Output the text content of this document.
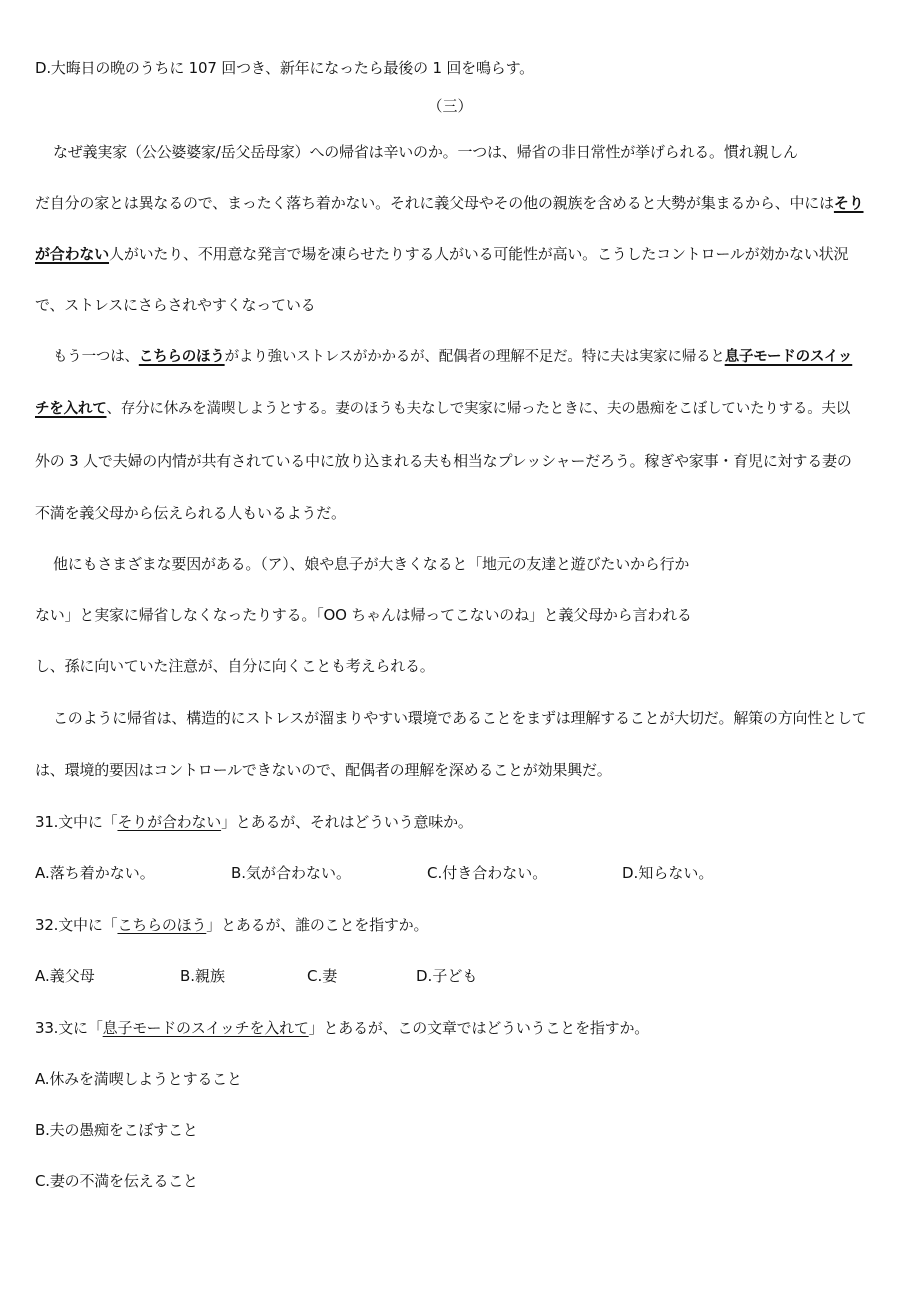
D.大晦日の晩のうちに 107 回つき、新年になったら最後の 1 回を鳴らす。
（三）
なぜ義実家（公公婆婆家/岳父岳母家）への帰省は辛いのか。一つは、帰省の非日常性が挙げられる。慣れ親しん
だ自分の家とは異なるので、まったく落ち着かない。それに義父母やその他の親族を含めると大勢が集まるから、中にはそり
が合わない人がいたり、不用意な発言で場を凍らせたりする人がいる可能性が高い。こうしたコントロールが効かない状況
で、ストレスにさらされやすくなっている
もう一つは、こちらのほうがより強いストレスがかかるが、配偶者の理解不足だ。特に夫は実家に帰ると息子モードのスイッ
チを入れて、存分に休みを満喫しようとする。妻のほうも夫なしで実家に帰ったときに、夫の愚痴をこぼしていたりする。夫以
外の 3 人で夫婦の内情が共有されている中に放り込まれる夫も相当なプレッシャーだろう。稼ぎや家事・育児に対する妻の
不満を義父母から伝えられる人もいるようだ。
他にもさまざまな要因がある。（ア）、娘や息子が大きくなると「地元の友達と遊びたいから行か
ない」と実家に帰省しなくなったりする。「OO ちゃんは帰ってこないのね」と義父母から言われる
し、孫に向いていた注意が、自分に向くことも考えられる。
このように帰省は、構造的にストレスが溜まりやすい環境であることをまずは理解することが大切だ。解策の方向性として
は、環境的要因はコントロールできないので、配偶者の理解を深めることが効果興だ。
31.文中に「そりが合わない」とあるが、それはどういう意味か。
A.落ち着かない。	B.気が合わない。	C.付き合わない。	D.知らない。
32.文中に「こちらのほう」とあるが、誰のことを指すか。
A.義父母	B.親族	C.妻	D.子ども
33.文に「息子モードのスイッチを入れて」とあるが、この文章ではどういうことを指すか。
A.休みを満喫しようとすること
B.夫の愚痴をこぼすこと
C.妻の不満を伝えること
